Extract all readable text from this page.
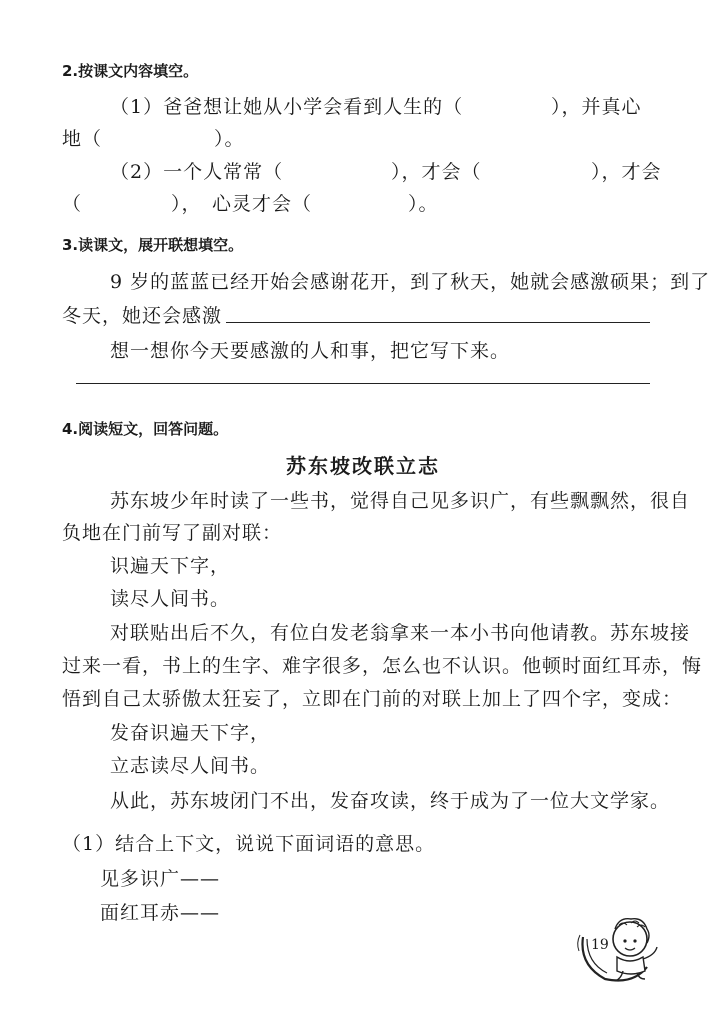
2.按课文内容填空。
（1）爸爸想让她从小学会看到人生的（	），并真心
地（	）。
（2）一个人常常（	），才会（	），才会
（	），　心灵才会（	）。
3.读课文，展开联想填空。
9 岁的蓝蓝已经开始会感谢花开，到了秋天，她就会感激硕果；到了
冬天，她还会感激
想一想你今天要感激的人和事，把它写下来。
4.阅读短文，回答问题。
苏东坡改联立志
苏东坡少年时读了一些书，觉得自己见多识广，有些飘飘然，很自
负地在门前写了副对联：
识遍天下字，
读尽人间书。
对联贴出后不久，有位白发老翁拿来一本小书向他请教。苏东坡接
过来一看，书上的生字、难字很多，怎么也不认识。他顿时面红耳赤，悔
悟到自己太骄傲太狂妄了，立即在门前的对联上加上了四个字，变成：
发奋识遍天下字，
立志读尽人间书。
从此，苏东坡闭门不出，发奋攻读，终于成为了一位大文学家。
（1）结合上下文，说说下面词语的意思。
见多识广——
面红耳赤——
19
